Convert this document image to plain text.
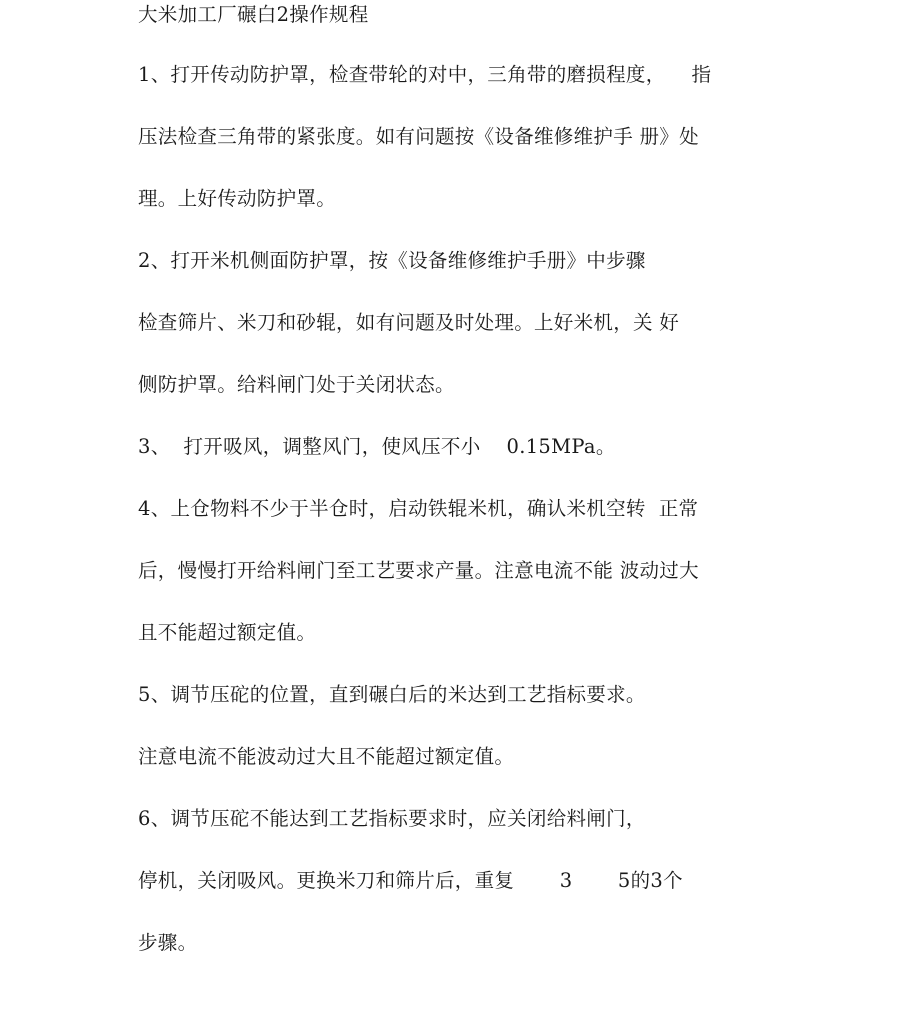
大米加工厂碾白2操作规程
1、打开传动防护罩，检查带轮的对中，三角带的磨损程度，    指
压法检查三角带的紧张度。如有问题按《设备维修维护手 册》处
理。上好传动防护罩。
2、打开米机侧面防护罩，按《设备维修维护手册》中步骤
检查筛片、米刀和砂辊，如有问题及时处理。上好米机，关 好
侧防护罩。给料闸门处于关闭状态。
3、  打开吸风，调整风门，使风压不小    0.15MPa。
4、上仓物料不少于半仓时，启动铁辊米机，确认米机空转  正常
后，慢慢打开给料闸门至工艺要求产量。注意电流不能 波动过大
且不能超过额定值。
5、调节压砣的位置，直到碾白后的米达到工艺指标要求。
注意电流不能波动过大且不能超过额定值。
6、调节压砣不能达到工艺指标要求时，应关闭给料闸门，
停机，关闭吸风。更换米刀和筛片后，重复       3       5的3个
步骤。
